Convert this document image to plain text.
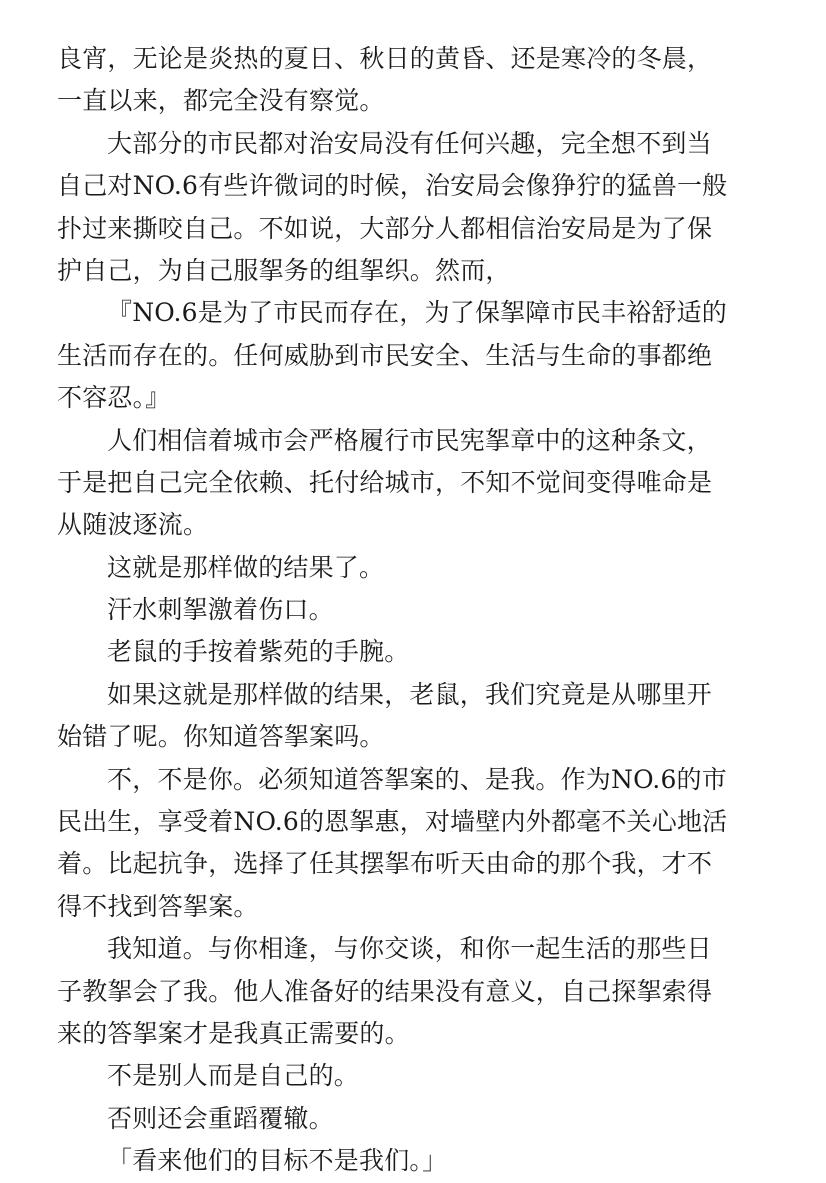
良宵，无论是炎热的夏日、秋日的黄昏、还是寒冷的冬晨，
一直以来，都完全没有察觉。
大部分的市民都对治安局没有任何兴趣，完全想不到当
自己对NO.6有些许微词的时候，治安局会像狰狞的猛兽一般
扑过来撕咬自己。不如说，大部分人都相信治安局是为了保
护自己，为自己服挐务的组挐织。然而，
『NO.6是为了市民而存在，为了保挐障市民丰裕舒适的
生活而存在的。任何威胁到市民安全、生活与生命的事都绝
不容忍。』
人们相信着城市会严格履行市民宪挐章中的这种条文，
于是把自己完全依赖、托付给城市，不知不觉间变得唯命是
从随波逐流。
这就是那样做的结果了。
汗水刺挐激着伤口。
老鼠的手按着紫苑的手腕。
如果这就是那样做的结果，老鼠，我们究竟是从哪里开
始错了呢。你知道答挐案吗。
不，不是你。必须知道答挐案的、是我。作为NO.6的市
民出生，享受着NO.6的恩挐惠，对墙壁内外都毫不关心地活
着。比起抗争，选择了任其摆挐布听天由命的那个我，才不
得不找到答挐案。
我知道。与你相逢，与你交谈，和你一起生活的那些日
子教挐会了我。他人准备好的结果没有意义，自己探挐索得
来的答挐案才是我真正需要的。
不是别人而是自己的。
否则还会重蹈覆辙。
「看来他们的目标不是我们。」
